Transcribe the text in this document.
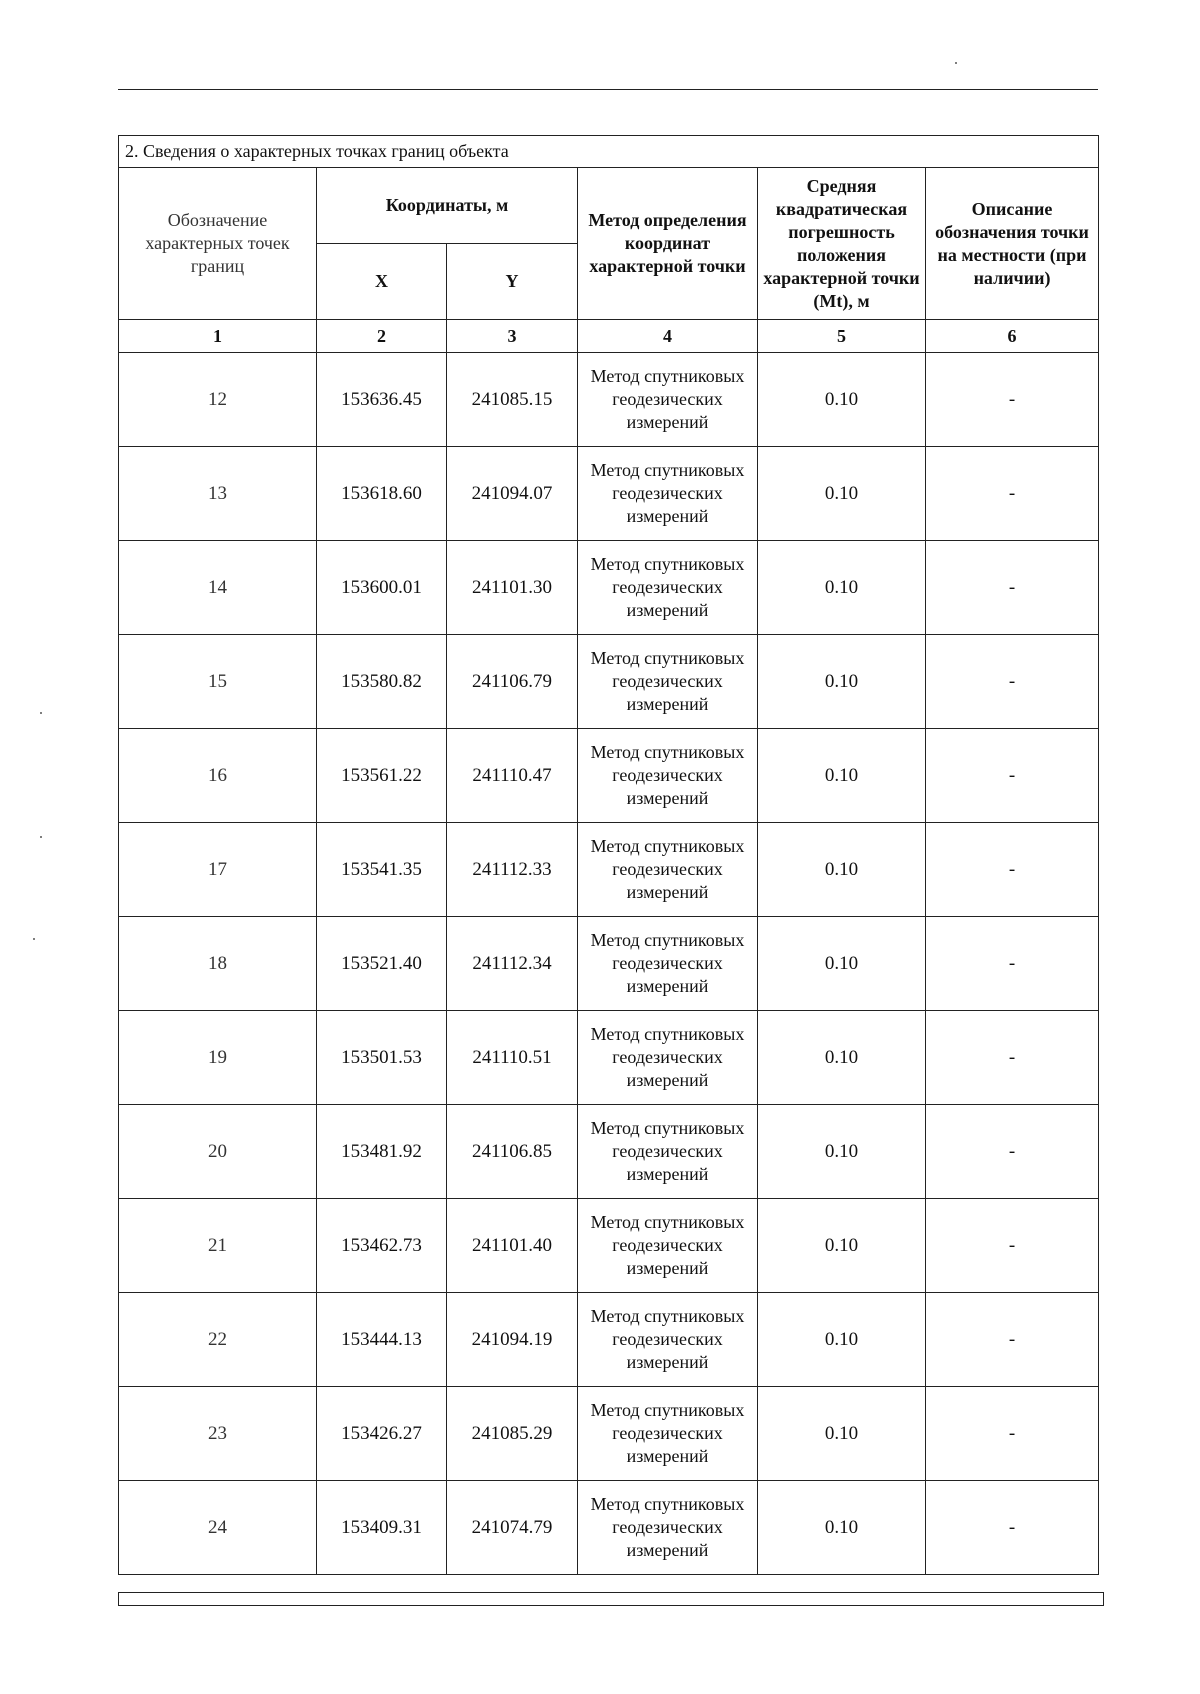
2. Сведения о характерных точках границ объекта					
Обозначение характерных точек границ	Координаты, м		Метод определения координат характерной точки	Средняя квадратическая погрешность положения характерной точки (Mt), м	Описание обозначения точки на местности (при наличии)
	X	Y			
1	2	3	4	5	6
12	153636.45	241085.15	Метод спутниковых геодезических измерений	0.10	-
13	153618.60	241094.07	Метод спутниковых геодезических измерений	0.10	-
14	153600.01	241101.30	Метод спутниковых геодезических измерений	0.10	-
15	153580.82	241106.79	Метод спутниковых геодезических измерений	0.10	-
16	153561.22	241110.47	Метод спутниковых геодезических измерений	0.10	-
17	153541.35	241112.33	Метод спутниковых геодезических измерений	0.10	-
18	153521.40	241112.34	Метод спутниковых геодезических измерений	0.10	-
19	153501.53	241110.51	Метод спутниковых геодезических измерений	0.10	-
20	153481.92	241106.85	Метод спутниковых геодезических измерений	0.10	-
21	153462.73	241101.40	Метод спутниковых геодезических измерений	0.10	-
22	153444.13	241094.19	Метод спутниковых геодезических измерений	0.10	-
23	153426.27	241085.29	Метод спутниковых геодезических измерений	0.10	-
24	153409.31	241074.79	Метод спутниковых геодезических измерений	0.10	-
